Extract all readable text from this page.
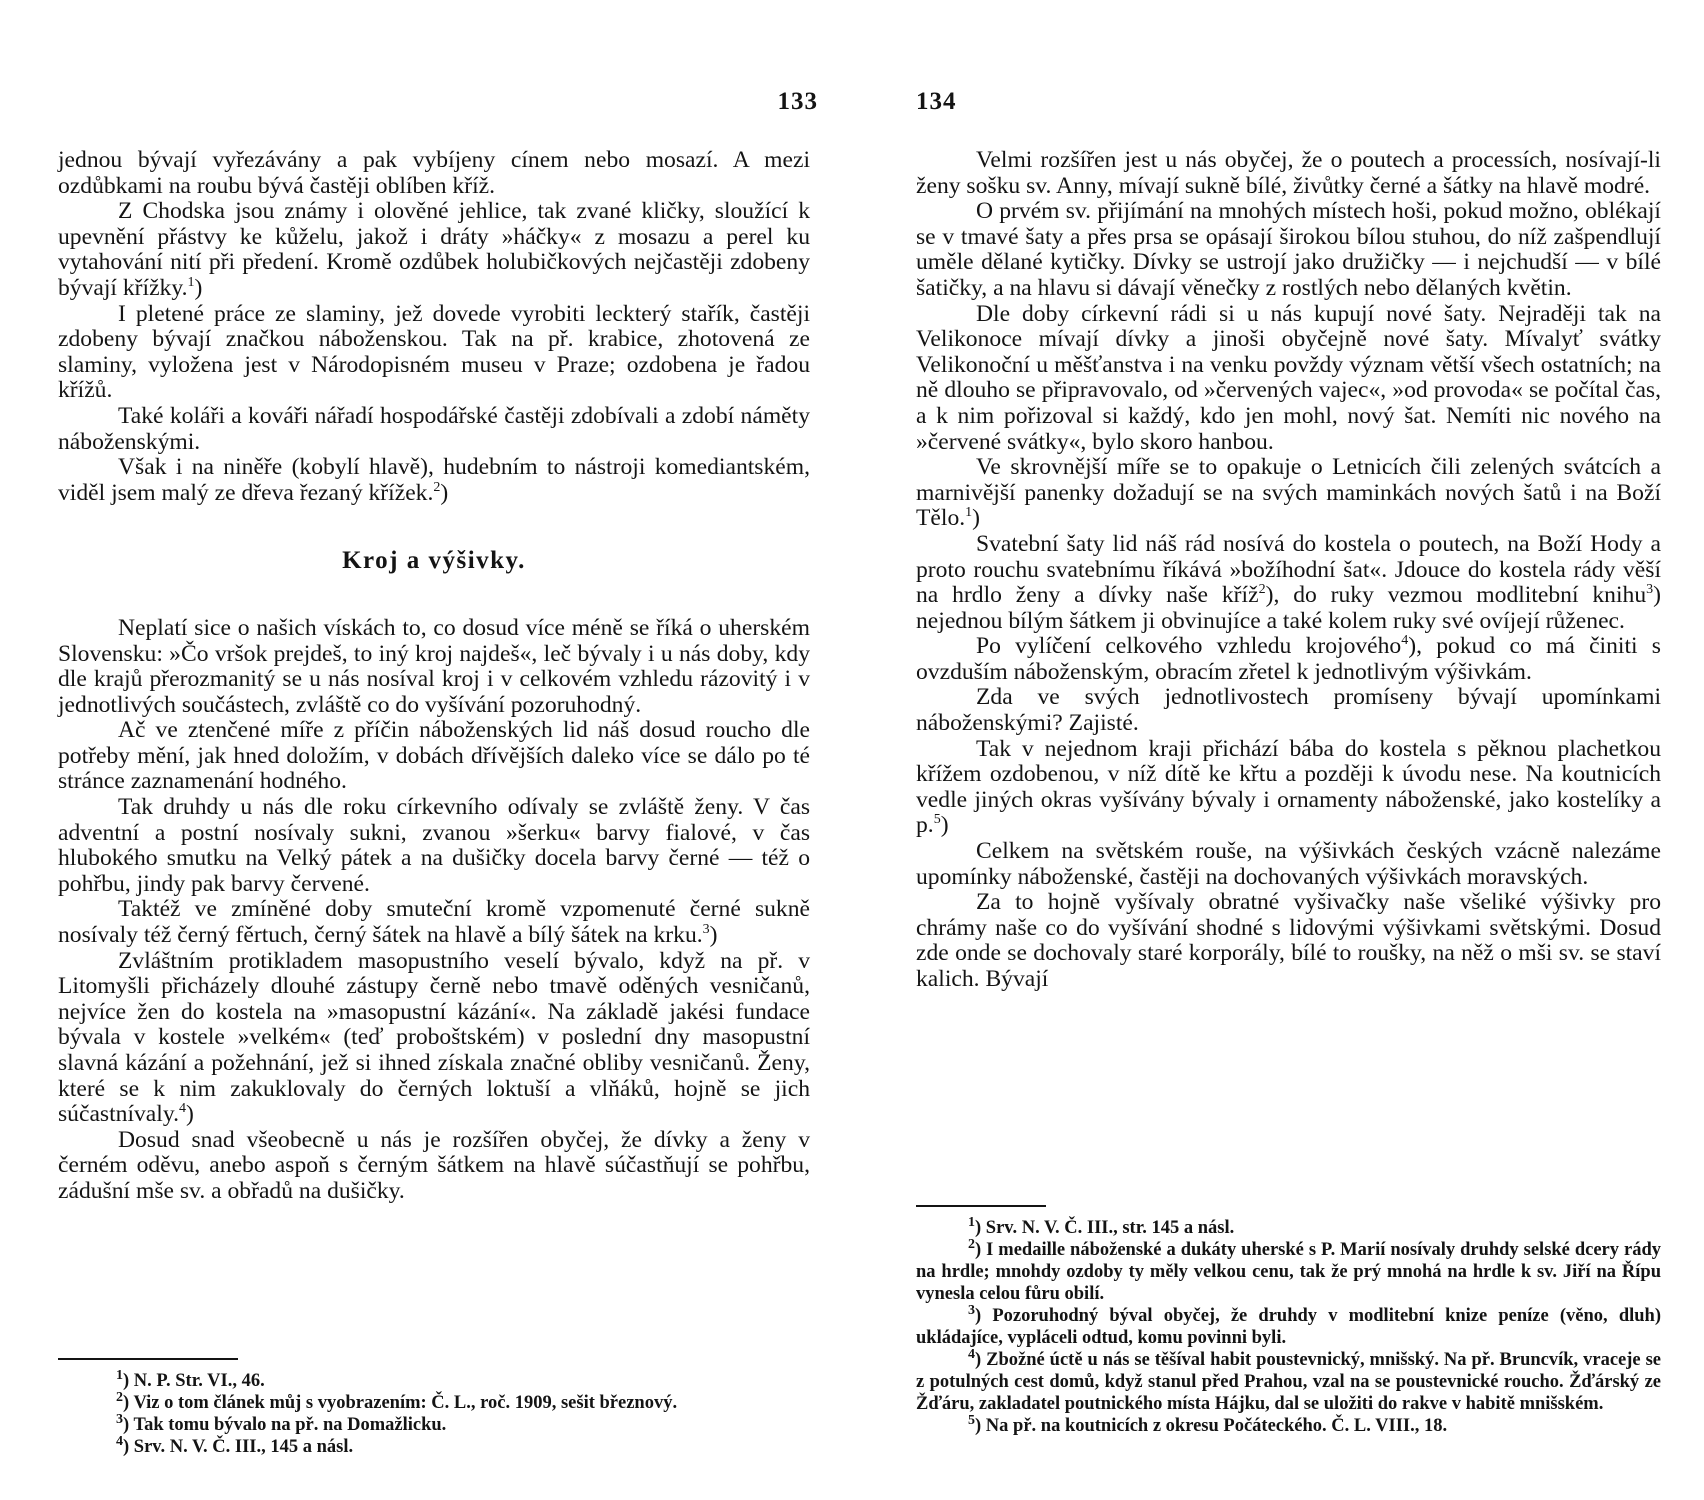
133

jednou bývají vyřezávány a pak vybíjeny cínem nebo mosazí. A mezi ozdůbkami na roubu bývá častěji oblíben kříž.

Z Chodska jsou známy i olověné jehlice, tak zvané kličky, sloužící k upevnění přástvy ke kůželu, jakož i dráty »háčky« z mosazu a perel ku vytahování nití při předení. Kromě ozdůbek holubičkových nejčastěji zdobeny bývají křížky.$^1$)

I pletené práce ze slaminy, jež dovede vyrobiti leckterý stařík, častěji zdobeny bývají značkou náboženskou. Tak na př. krabice, zhotovená ze slaminy, vyložena jest v Národopisném museu v Praze; ozdobena je řadou křížů.

Také koláři a kováři nářadí hospodářské častěji zdobívali a zdobí náměty náboženskými.

Však i na niněře (kobylí hlavě), hudebním to nástroji komediantském, viděl jsem malý ze dřeva řezaný křížek.$^2$)

Kroj a výšivky.

Neplatí sice o našich vískách to, co dosud více méně se říká o uherském Slovensku: »Čo vršok prejdeš, to iný kroj najdeš«, leč bývaly i u nás doby, kdy dle krajů přerozmanitý se u nás nosíval kroj i v celkovém vzhledu rázovitý i v jednotlivých součástech, zvláště co do vyšívání pozoruhodný.

Ač ve ztenčené míře z příčin náboženských lid náš dosud roucho dle potřeby mění, jak hned doložím, v dobách dřívějších daleko více se dálo po té stránce zaznamenání hodného.

Tak druhdy u nás dle roku církevního odívaly se zvláště ženy. V čas adventní a postní nosívaly sukni, zvanou »šerku« barvy fialové, v čas hlubokého smutku na Velký pátek a na dušičky docela barvy černé — též o pohřbu, jindy pak barvy červené.

Taktéž ve zmíněné doby smuteční kromě vzpomenuté černé sukně nosívaly též černý fěrtuch, černý šátek na hlavě a bílý šátek na krku.$^3$)

Zvláštním protikladem masopustního veselí bývalo, když na př. v Litomyšli přicházely dlouhé zástupy černě nebo tmavě oděných vesničanů, nejvíce žen do kostela na »masopustní kázání«. Na základě jakési fundace bývala v kostele »velkém« (teď proboštském) v poslední dny masopustní slavná kázání a požehnání, jež si ihned získala značné obliby vesničanů. Ženy, které se k nim zakuklovaly do černých loktuší a vlňáků, hojně se jich súčastnívaly.$^4$)

Dosud snad všeobecně u nás je rozšířen obyčej, že dívky a ženy v černém oděvu, anebo aspoň s černým šátkem na hlavě súčastňují se pohřbu, zádušní mše sv. a obřadů na dušičky.

$^1$) N. P. Str. VI., 46.

$^2$) Viz o tom článek můj s vyobrazením: Č. L., roč. 1909, sešit březnový.

$^3$) Tak tomu bývalo na př. na Domažlicku.

$^4$) Srv. N. V. Č. III., 145 a násl.

134

Velmi rozšířen jest u nás obyčej, že o poutech a processích, nosívají-li ženy sošku sv. Anny, mívají sukně bílé, živůtky černé a šátky na hlavě modré.

O prvém sv. přijímání na mnohých místech hoši, pokud možno, oblékají se v tmavé šaty a přes prsa se opásají širokou bílou stuhou, do níž zašpendlují uměle dělané kytičky. Dívky se ustrojí jako družičky — i nejchudší — v bílé šatičky, a na hlavu si dávají věnečky z rostlých nebo dělaných květin.

Dle doby církevní rádi si u nás kupují nové šaty. Nejraději tak na Velikonoce mívají dívky a jinoši obyčejně nové šaty. Mívalyť svátky Velikonoční u měšťanstva i na venku povždy význam větší všech ostatních; na ně dlouho se připravovalo, od »červených vajec«, »od provoda« se počítal čas, a k nim pořizoval si každý, kdo jen mohl, nový šat. Nemíti nic nového na »červené svátky«, bylo skoro hanbou.

Ve skrovnější míře se to opakuje o Letnicích čili zelených svátcích a marnivější panenky dožadují se na svých maminkách nových šatů i na Boží Tělo.$^1$)

Svatební šaty lid náš rád nosívá do kostela o poutech, na Boží Hody a proto rouchu svatebnímu říkává »božíhodní šat«. Jdouce do kostela rády věší na hrdlo ženy a dívky naše kříž$^2$), do ruky vezmou modlitební knihu$^3$) nejednou bílým šátkem ji obvinujíce a také kolem ruky své ovíjejí růženec.

Po vylíčení celkového vzhledu krojového$^4$), pokud co má činiti s ovzduším náboženským, obracím zřetel k jednotlivým výšivkám.

Zda ve svých jednotlivostech promíseny bývají upomínkami náboženskými? Zajisté.

Tak v nejednom kraji přichází bába do kostela s pěknou plachetkou křížem ozdobenou, v níž dítě ke křtu a později k úvodu nese. Na koutnicích vedle jiných okras vyšívány bývaly i ornamenty náboženské, jako kostelíky a p.$^5$)

Celkem na světském rouše, na výšivkách českých vzácně nalezáme upomínky náboženské, častěji na dochovaných výšivkách moravských.

Za to hojně vyšívaly obratné vyšivačky naše všeliké výšivky pro chrámy naše co do vyšívání shodné s lidovými výšivkami světskými. Dosud zde onde se dochovaly staré korporály, bílé to roušky, na něž o mši sv. se staví kalich. Bývají

$^1$) Srv. N. V. Č. III., str. 145 a násl.

$^2$) I medaille náboženské a dukáty uherské s P. Marií nosívaly druhdy selské dcery rády na hrdle; mnohdy ozdoby ty měly velkou cenu, tak že prý mnohá na hrdle k sv. Jiří na Řípu vynesla celou fůru obilí.

$^3$) Pozoruhodný býval obyčej, že druhdy v modlitební knize peníze (věno, dluh) ukládajíce, vypláceli odtud, komu povinni byli.

$^4$) Zbožné úctě u nás se těšíval habit poustevnický, mnišský. Na př. Bruncvík, vraceje se z potulných cest domů, když stanul před Prahou, vzal na se poustevnické roucho. Žďárský ze Žďáru, zakladatel poutnického místa Hájku, dal se uložiti do rakve v habitě mnišském.

$^5$) Na př. na koutnicích z okresu Počáteckého. Č. L. VIII., 18.
